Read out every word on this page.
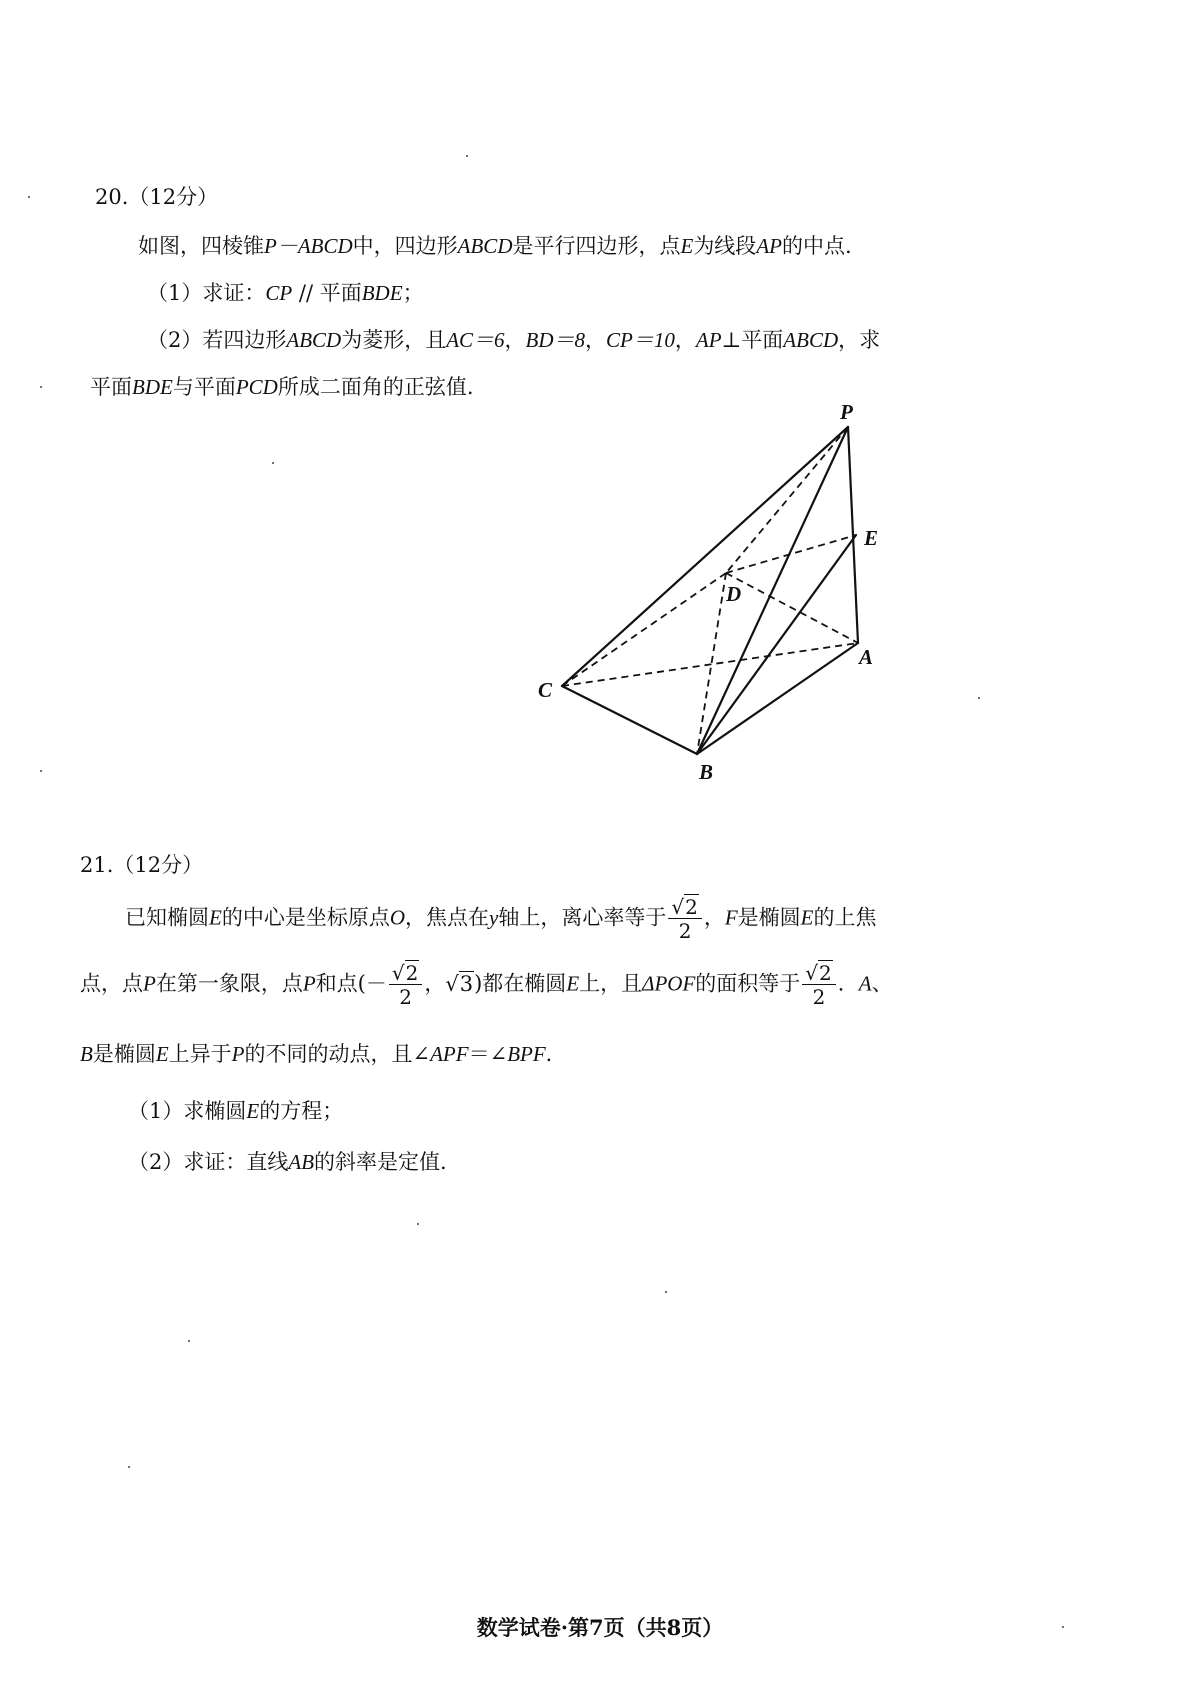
20.（12分）
如图，四棱锥P－ABCD中，四边形ABCD是平行四边形，点E为线段AP的中点.
（1）求证：CP // 平面BDE；
（2）若四边形ABCD为菱形，且AC＝6，BD＝8，CP＝10，AP⊥平面ABCD，求
平面BDE与平面PCD所成二面角的正弦值.
P
E
D
A
C
B
21.（12分）
已知椭圆E的中心是坐标原点O，焦点在y轴上，离心率等于 $\frac{√2}{2}$ ，F是椭圆E的上焦
点，点P在第一象限，点P和点(－ $\frac{√2}{2}$ ，√3)都在椭圆E上，且ΔPOF的面积等于 $\frac{√2}{2}$ ．A、
B是椭圆E上异于P的不同的动点，且∠APF＝∠BPF．
（1）求椭圆E的方程；
（2）求证：直线AB的斜率是定值.
数学试卷·第7页（共8页）
